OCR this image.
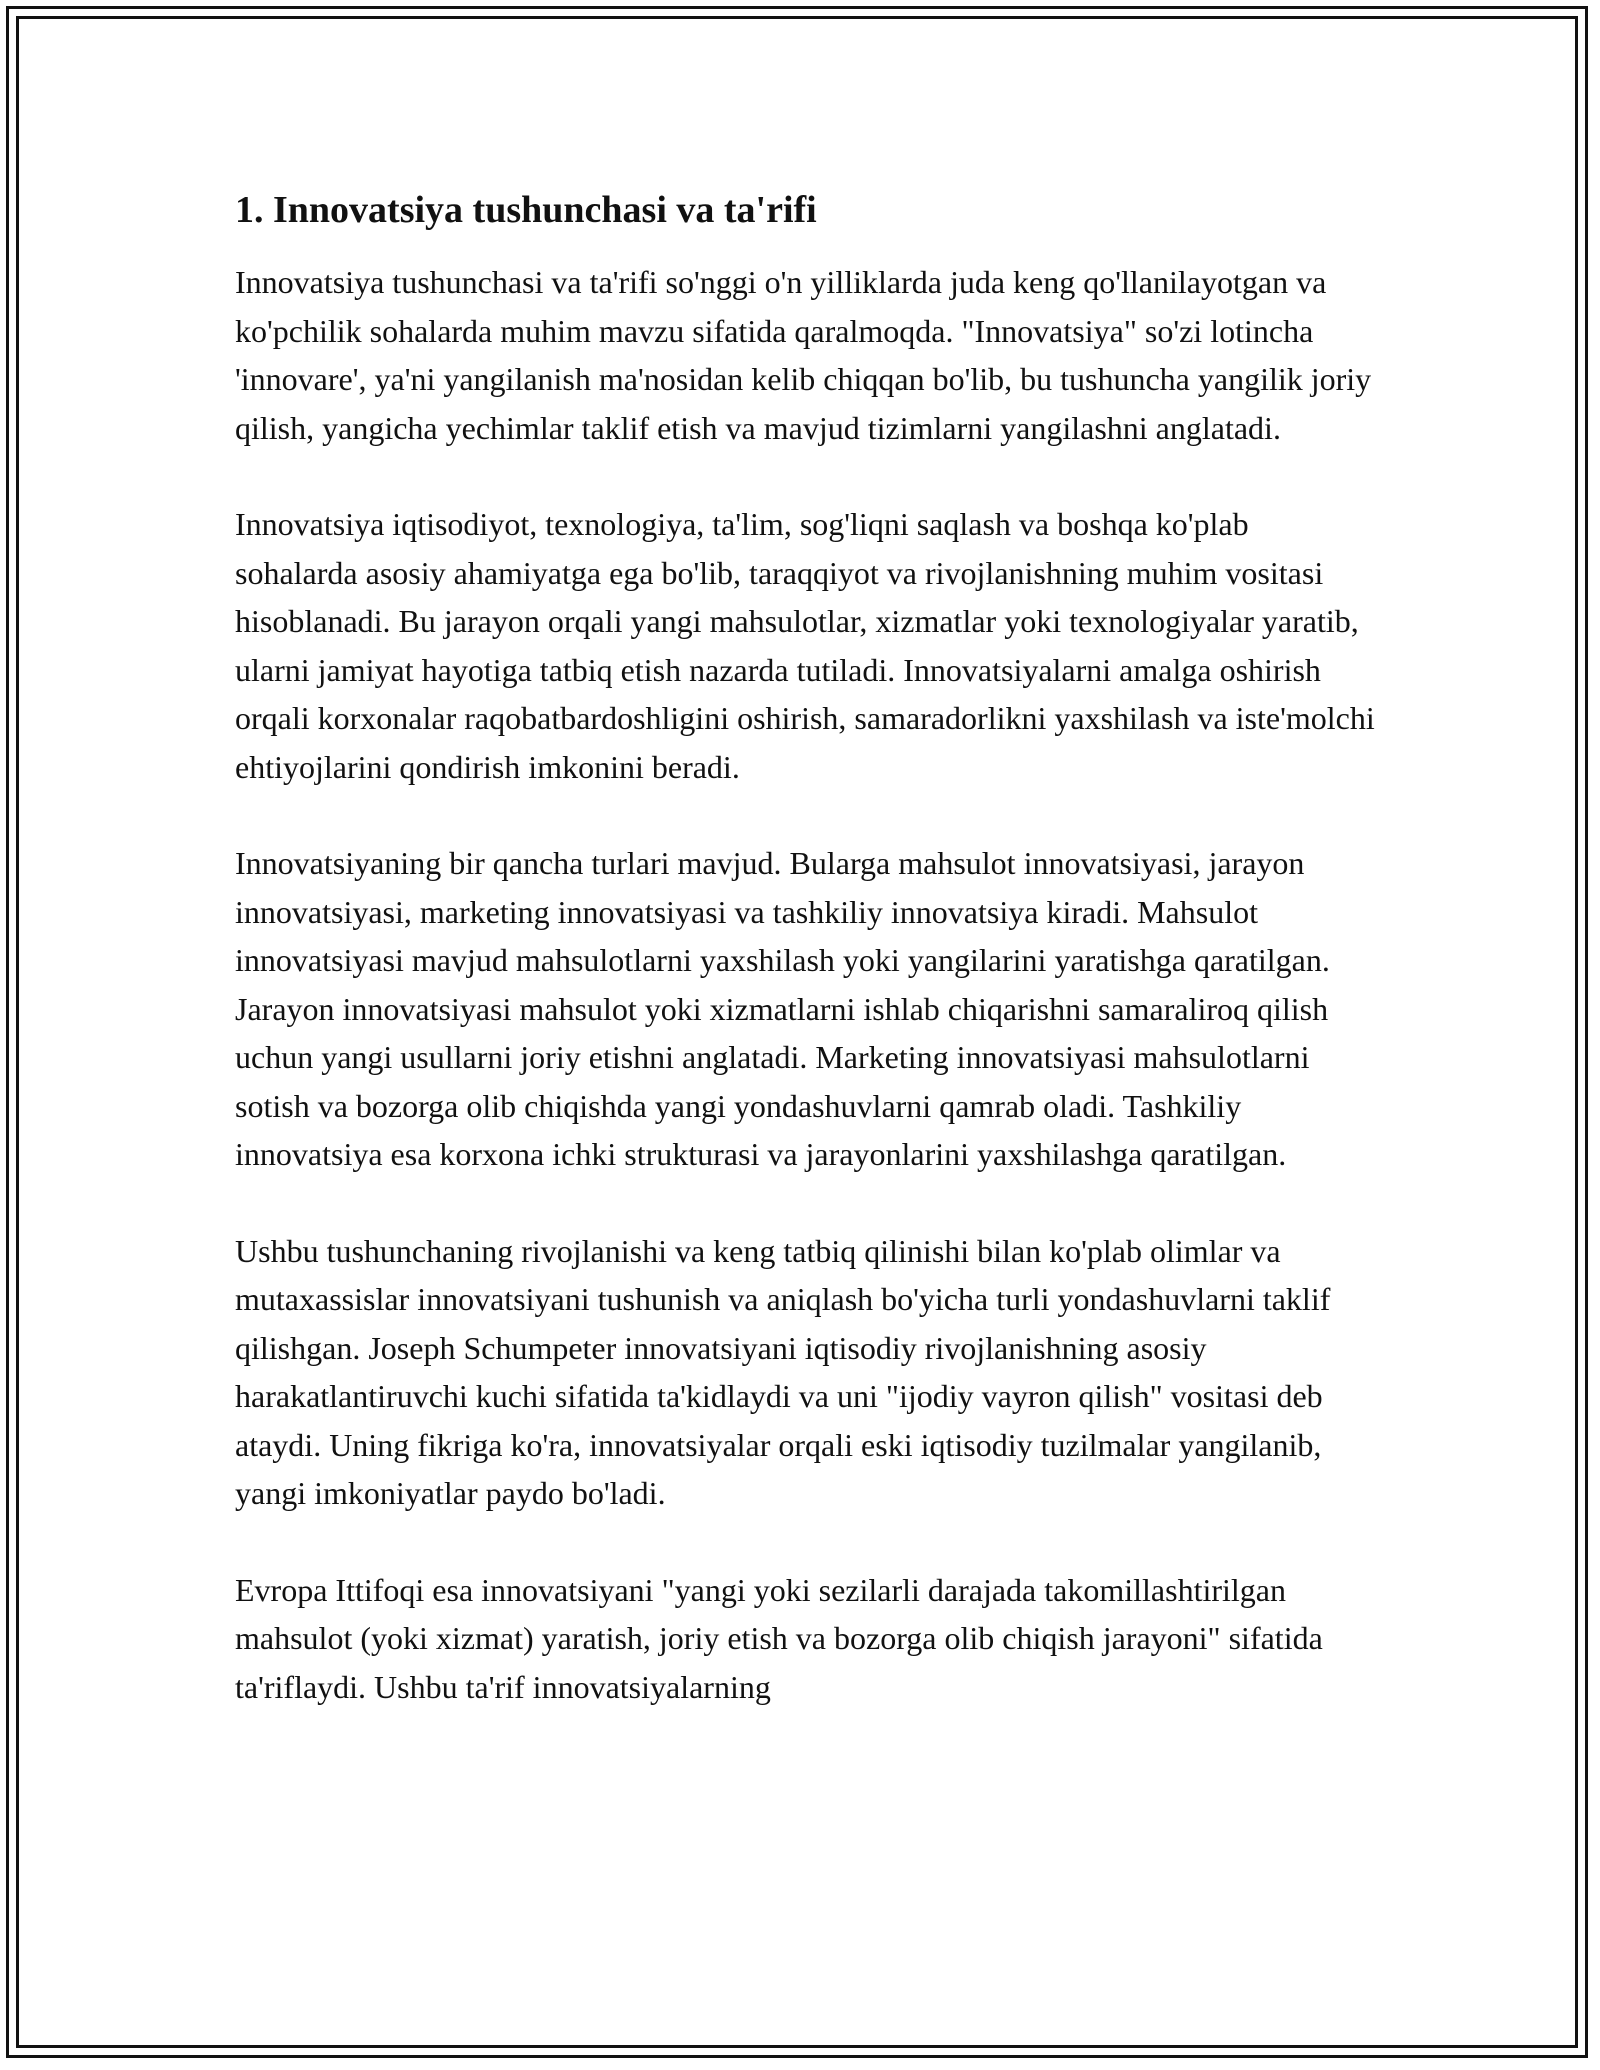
1. Innovatsiya tushunchasi va ta'rifi

Innovatsiya tushunchasi va ta'rifi so'nggi o'n yilliklarda juda keng qo'llanilayotgan va ko'pchilik sohalarda muhim mavzu sifatida qaralmoqda. "Innovatsiya" so'zi lotincha 'innovare', ya'ni yangilanish ma'nosidan kelib chiqqan bo'lib, bu tushuncha yangilik joriy qilish, yangicha yechimlar taklif etish va mavjud tizimlarni yangilashni anglatadi.

Innovatsiya iqtisodiyot, texnologiya, ta'lim, sog'liqni saqlash va boshqa ko'plab sohalarda asosiy ahamiyatga ega bo'lib, taraqqiyot va rivojlanishning muhim vositasi hisoblanadi. Bu jarayon orqali yangi mahsulotlar, xizmatlar yoki texnologiyalar yaratib, ularni jamiyat hayotiga tatbiq etish nazarda tutiladi. Innovatsiyalarni amalga oshirish orqali korxonalar raqobatbardoshligini oshirish, samaradorlikni yaxshilash va iste'molchi ehtiyojlarini qondirish imkonini beradi.

Innovatsiyaning bir qancha turlari mavjud. Bularga mahsulot innovatsiyasi, jarayon innovatsiyasi, marketing innovatsiyasi va tashkiliy innovatsiya kiradi. Mahsulot innovatsiyasi mavjud mahsulotlarni yaxshilash yoki yangilarini yaratishga qaratilgan. Jarayon innovatsiyasi mahsulot yoki xizmatlarni ishlab chiqarishni samaraliroq qilish uchun yangi usullarni joriy etishni anglatadi. Marketing innovatsiyasi mahsulotlarni sotish va bozorga olib chiqishda yangi yondashuvlarni qamrab oladi. Tashkiliy innovatsiya esa korxona ichki strukturasi va jarayonlarini yaxshilashga qaratilgan.

Ushbu tushunchaning rivojlanishi va keng tatbiq qilinishi bilan ko'plab olimlar va mutaxassislar innovatsiyani tushunish va aniqlash bo'yicha turli yondashuvlarni taklif qilishgan. Joseph Schumpeter innovatsiyani iqtisodiy rivojlanishning asosiy harakatlantiruvchi kuchi sifatida ta'kidlaydi va uni "ijodiy vayron qilish" vositasi deb ataydi. Uning fikriga ko'ra, innovatsiyalar orqali eski iqtisodiy tuzilmalar yangilanib, yangi imkoniyatlar paydo bo'ladi.

Evropa Ittifoqi esa innovatsiyani "yangi yoki sezilarli darajada takomillashtirilgan mahsulot (yoki xizmat) yaratish, joriy etish va bozorga olib chiqish jarayoni" sifatida ta'riflaydi. Ushbu ta'rif innovatsiyalarning
